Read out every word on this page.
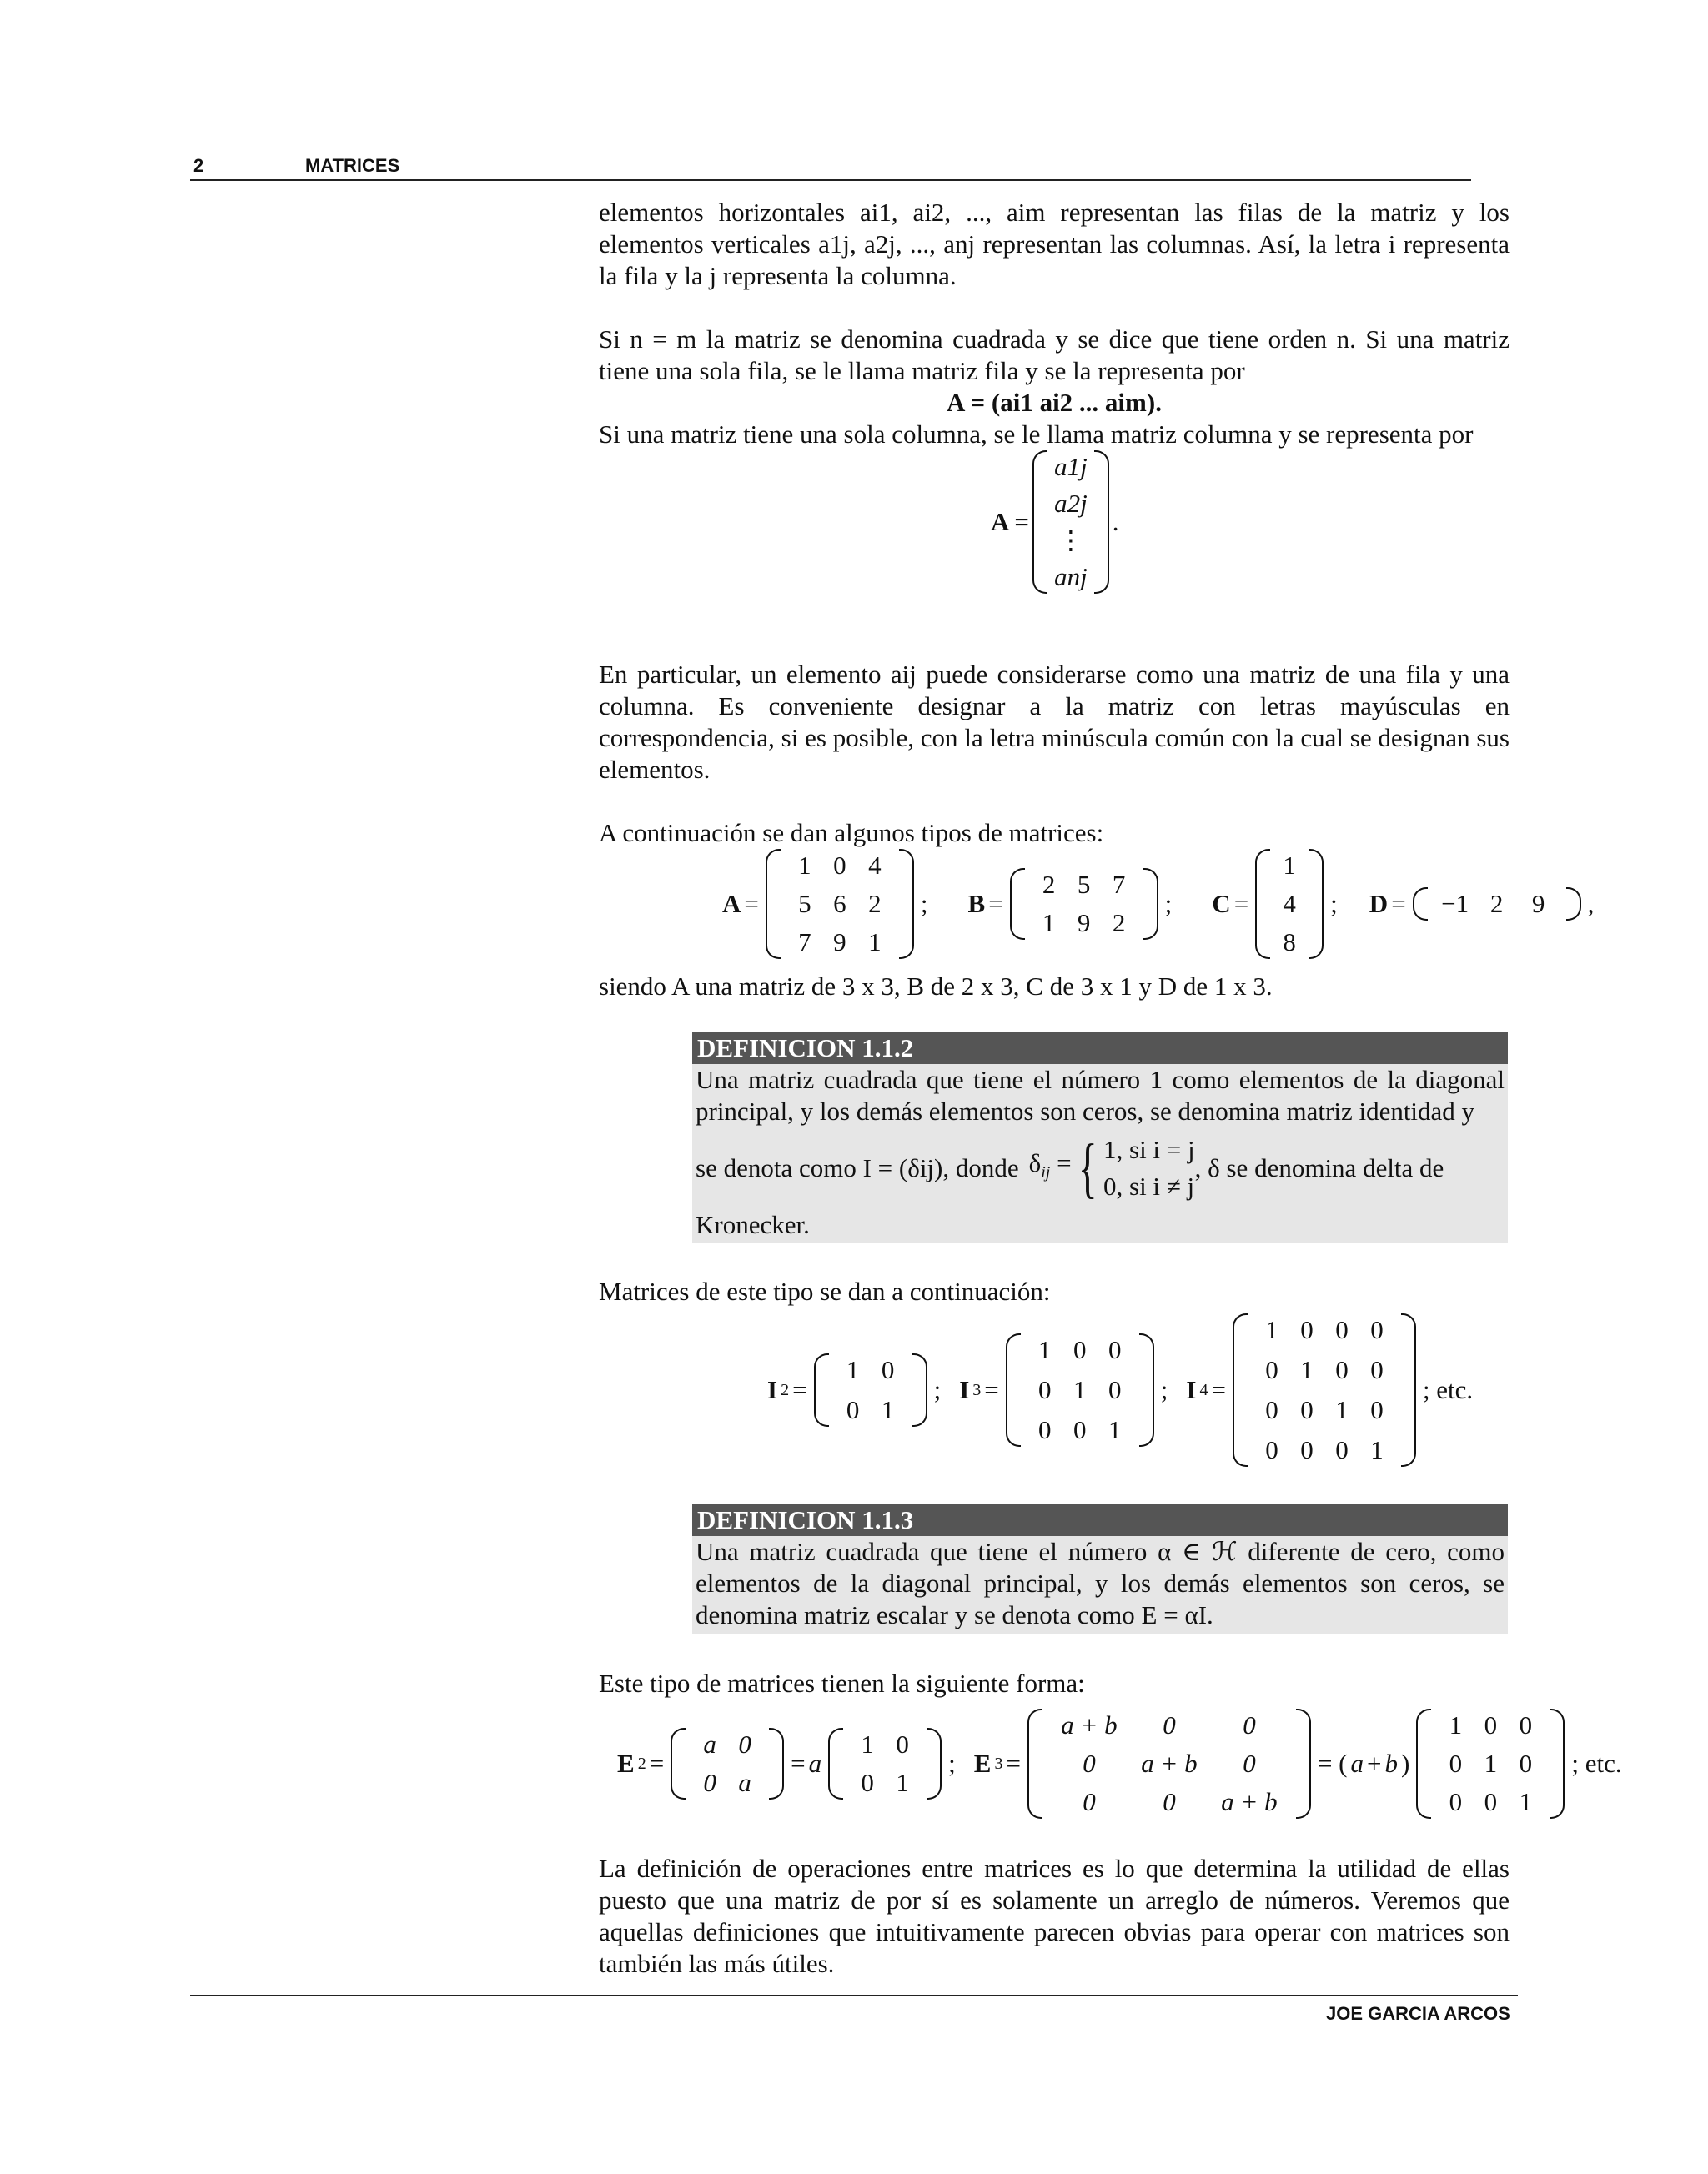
2	MATRICES

elementos horizontales ai1, ai2, ..., aim representan las filas de la matriz y los elementos verticales a1j, a2j, ..., anj representan las columnas. Así, la letra i representa la fila y la j representa la columna.

Si n = m la matriz se denomina cuadrada y se dice que tiene orden n. Si una matriz tiene una sola fila, se le llama matriz fila y se la representa por

A = (ai1 ai2 ... aim).

Si una matriz tiene una sola columna, se le llama matriz columna y se representa por

A =
a1j
a2j
⋮
anj
.

En particular, un elemento aij puede considerarse como una matriz de una fila y una columna. Es conveniente designar a la matriz con letras mayúsculas en correspondencia, si es posible, con la letra minúscula común con la cual se designan sus elementos.

A continuación se dan algunos tipos de matrices:

A =
1 0 4
5 6 2
7 9 1
; B =
2 5 7
1 9 2
; C =
1
4
8
; D = −1 2	9	,

siendo A una matriz de 3 x 3, B de 2 x 3, C de 3 x 1 y D de 1 x 3.

DEFINICION 1.1.2

Una matriz cuadrada que tiene el número 1 como elementos de la diagonal principal, y los demás elementos son ceros, se denomina matriz identidad y

se denota como I = (δij), donde $\delta_{ij}$ = { 1, si i = j
0, si i ≠ j
, δ se denomina delta de

Kronecker.

Matrices de este tipo se dan a continuación:

I 2 =
1 0
0 1
; I 3 =
1 0 0
0 1 0
0 0 1
; I 4 =
1 0 0 0
0 1 0 0
0 0 1 0
0 0 0 1
; etc.
DEFINICION 1.1.3

Una matriz cuadrada que tiene el número α ∈ ℋ diferente de cero, como elementos de la diagonal principal, y los demás elementos son ceros, se denomina matriz escalar y se denota como E = αI.

Este tipo de matrices tienen la siguiente forma:

E 2 =
a 0
0 a
= a
1 0
0 1
; E 3 =
a + b	0	0
0	a + b	0
0	0	a + b
= ( a + b )
1 0 0
0 1 0
0 0 1
; etc.

La definición de operaciones entre matrices es lo que determina la utilidad de ellas puesto que una matriz de por sí es solamente un arreglo de números. Veremos que aquellas definiciones que intuitivamente parecen obvias para operar con matrices son también las más útiles.

JOE GARCIA ARCOS
